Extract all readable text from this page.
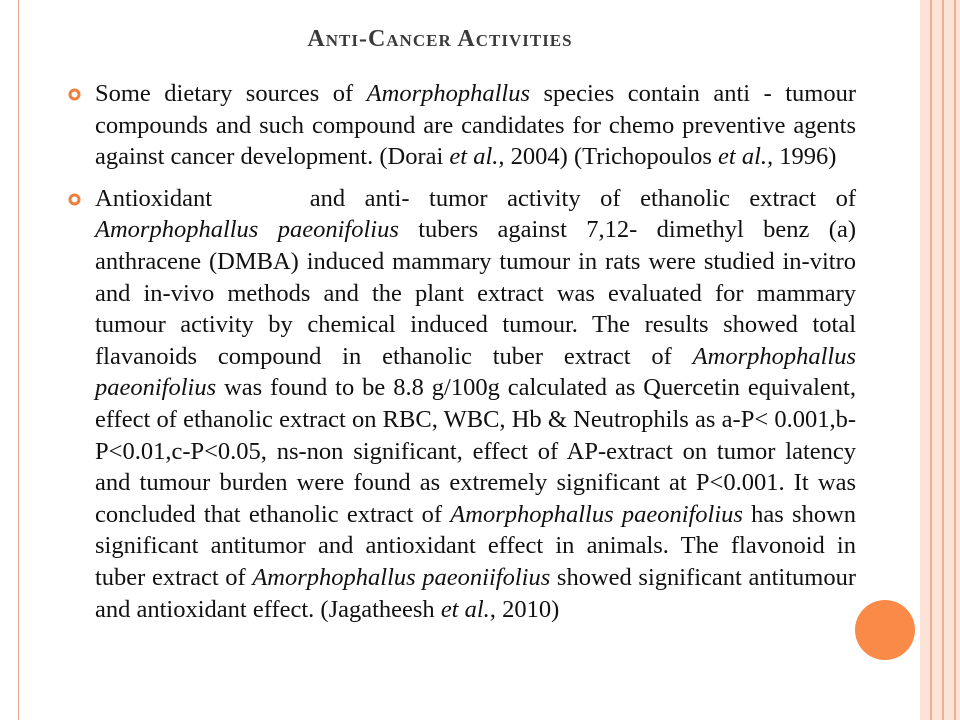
Anti-Cancer Activities
Some dietary sources of Amorphophallus species contain anti - tumour compounds and such compound are candidates for chemo preventive agents against cancer development. (Dorai et al., 2004) (Trichopoulos et al., 1996)
Antioxidant     and anti- tumor activity of ethanolic extract of Amorphophallus paeonifolius tubers against 7,12- dimethyl benz (a) anthracene (DMBA) induced mammary tumour in rats were studied in-vitro and in-vivo methods and the plant extract was evaluated for mammary tumour activity by chemical induced tumour. The results showed total flavanoids compound in ethanolic tuber extract of Amorphophallus paeonifolius was found to be 8.8 g/100g calculated as Quercetin equivalent, effect of ethanolic extract on RBC, WBC, Hb & Neutrophils as a-P< 0.001,b-P<0.01,c-P<0.05, ns-non significant, effect of AP-extract on tumor latency and tumour burden were found as extremely significant at P<0.001. It was concluded that ethanolic extract of Amorphophallus paeonifolius has shown significant antitumor and antioxidant effect in animals. The flavonoid in tuber extract of Amorphophallus paeoniifolius showed significant antitumour and antioxidant effect. (Jagatheesh et al., 2010)
